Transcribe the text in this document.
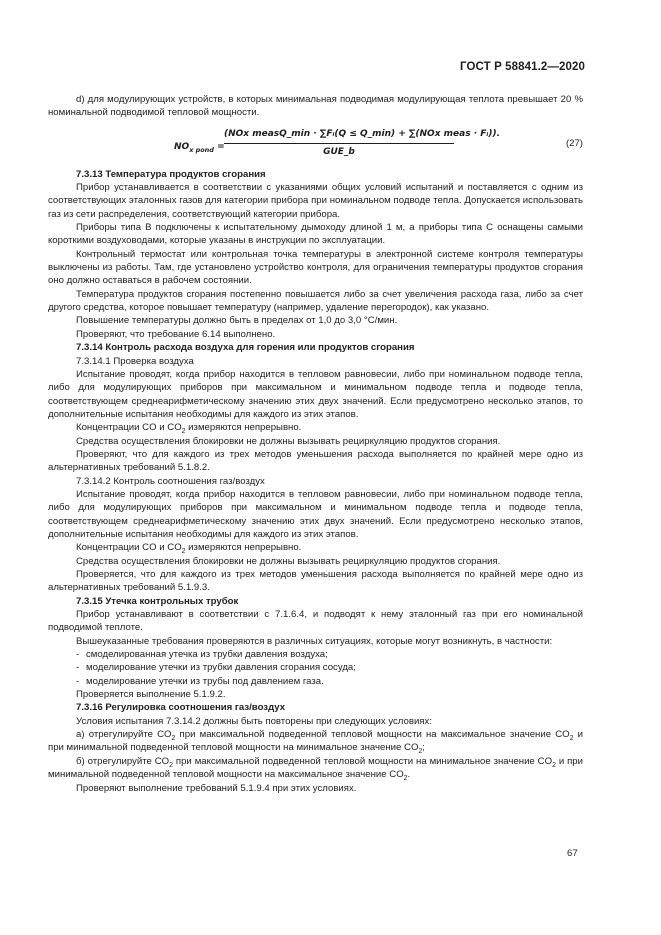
ГОСТ Р 58841.2—2020

d) для модулирующих устройств, в которых минимальная подводимая модулирующая теплота превышает 20 % номинальной подводимой тепловой мощности.

$NO_{x pond}$ =
(NOx measQ_min · ∑Fᵢ(Q ≤ Q_min) + ∑(NOx meas · Fᵢ)).
GUE_b
(27)

7.3.13 Температура продуктов сгорания

Прибор устанавливается в соответствии с указаниями общих условий испытаний и поставляется с одним из соответствующих эталонных газов для категории прибора при номинальном подводе тепла. Допускается использовать газ из сети распределения, соответствующий категории прибора.

Приборы типа В подключены к испытательному дымоходу длиной 1 м, а приборы типа С оснащены самыми короткими воздуховодами, которые указаны в инструкции по эксплуатации.

Контрольный термостат или контрольная точка температуры в электронной системе контроля температуры выключены из работы. Там, где установлено устройство контроля, для ограничения температуры продуктов сгорания оно должно оставаться в рабочем состоянии.

Температура продуктов сгорания постепенно повышается либо за счет увеличения расхода газа, либо за счет другого средства, которое повышает температуру (например, удаление перегородок), как указано.

Повышение температуры должно быть в пределах от 1,0 до 3,0 °С/мин.

Проверяют, что требование 6.14 выполнено.

7.3.14 Контроль расхода воздуха для горения или продуктов сгорания

7.3.14.1 Проверка воздуха

Испытание проводят, когда прибор находится в тепловом равновесии, либо при номинальном подводе тепла, либо для модулирующих приборов при максимальном и минимальном подводе тепла и подводе тепла, соответствующем среднеарифметическому значению этих двух значений. Если предусмотрено несколько этапов, то дополнительные испытания необходимы для каждого из этих этапов.

Концентрации CO и $CO_2$ измеряются непрерывно.

Средства осуществления блокировки не должны вызывать рециркуляцию продуктов сгорания.

Проверяют, что для каждого из трех методов уменьшения расхода выполняется по крайней мере одно из альтернативных требований 5.1.8.2.

7.3.14.2 Контроль соотношения газ/воздух

Испытание проводят, когда прибор находится в тепловом равновесии, либо при номинальном подводе тепла, либо для модулирующих приборов при максимальном и минимальном подводе тепла и подводе тепла, соответствующем среднеарифметическому значению этих двух значений. Если предусмотрено несколько этапов, дополнительные испытания необходимы для каждого из этих этапов.

Концентрации CO и $CO_2$ измеряются непрерывно.

Средства осуществления блокировки не должны вызывать рециркуляцию продуктов сгорания.

Проверяется, что для каждого из трех методов уменьшения расхода выполняется по крайней мере одно из альтернативных требований 5.1.9.3.

7.3.15 Утечка контрольных трубок

Прибор устанавливают в соответствии с 7.1.6.4, и подводят к нему эталонный газ при его номинальной подводимой теплоте.

Вышеуказанные требования проверяются в различных ситуациях, которые могут возникнуть, в частности:

- смоделированная утечка из трубки давления воздуха;

- моделирование утечки из трубки давления сгорания сосуда;

- моделирование утечки из трубы под давлением газа.

Проверяется выполнение 5.1.9.2.

7.3.16 Регулировка соотношения газ/воздух

Условия испытания 7.3.14.2 должны быть повторены при следующих условиях:

а) отрегулируйте $CO_2$ при максимальной подведенной тепловой мощности на максимальное значение $CO_2$ и при минимальной подведенной тепловой мощности на минимальное значение $CO_2$;

б) отрегулируйте $CO_2$ при максимальной подведенной тепловой мощности на минимальное значение $CO_2$ и при минимальной подведенной тепловой мощности на максимальное значение $CO_2$.

Проверяют выполнение требований 5.1.9.4 при этих условиях.

67
